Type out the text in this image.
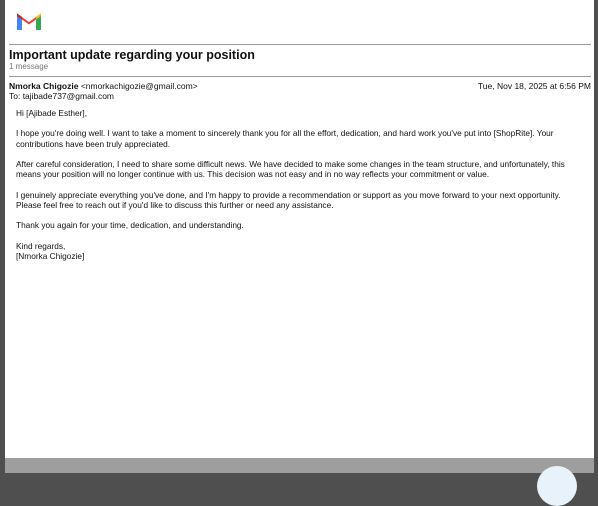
Important update regarding your position
1 message
Nmorka Chigozie <nmorkachigozie@gmail.com>	Tue, Nov 18, 2025 at 6:56 PM
To: tajibade737@gmail.com

Hi [Ajibade Esther],

I hope you're doing well. I want to take a moment to sincerely thank you for all the effort, dedication, and hard work you've put into [ShopRite]. Your contributions have been truly appreciated.

After careful consideration, I need to share some difficult news. We have decided to make some changes in the team structure, and unfortunately, this means your position will no longer continue with us. This decision was not easy and in no way reflects your commitment or value.

I genuinely appreciate everything you've done, and I'm happy to provide a recommendation or support as you move forward to your next opportunity. Please feel free to reach out if you'd like to discuss this further or need any assistance.

Thank you again for your time, dedication, and understanding.

Kind regards,

[Nmorka Chigozie]
